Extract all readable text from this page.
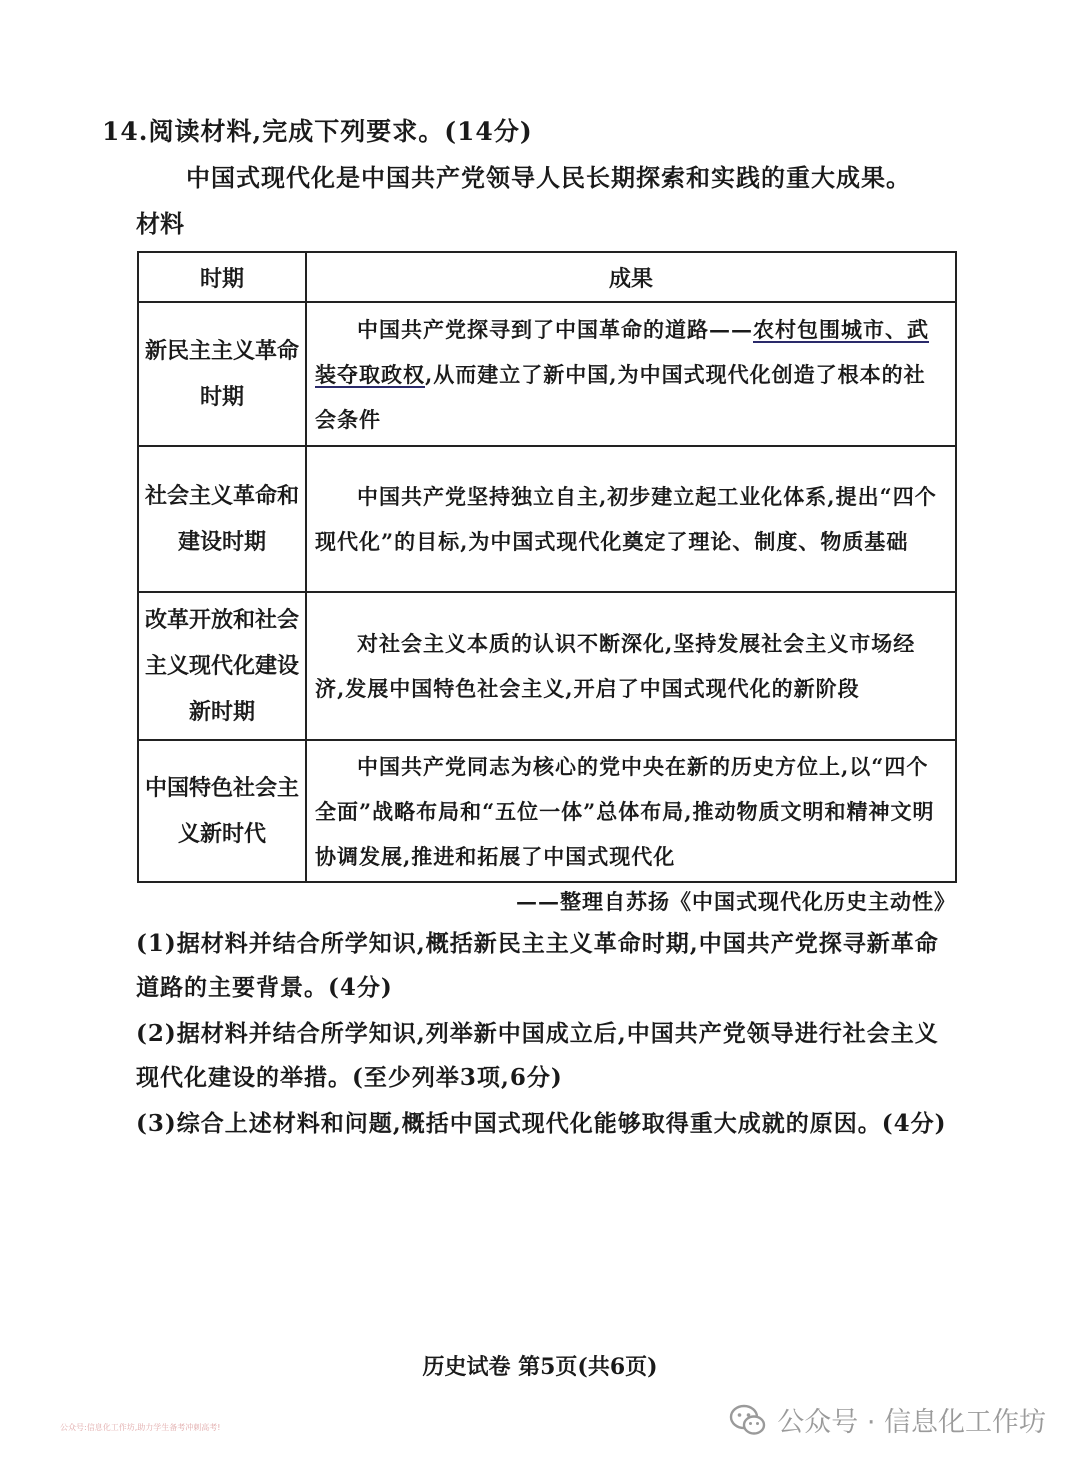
14.阅读材料,完成下列要求。(14分)
中国式现代化是中国共产党领导人民长期探索和实践的重大成果。
材料
时期	成果
新民主主义革命时期	中国共产党探寻到了中国革命的道路——农村包围城市、武装夺取政权,从而建立了新中国,为中国式现代化创造了根本的社会条件
社会主义革命和建设时期	中国共产党坚持独立自主,初步建立起工业化体系,提出“四个现代化”的目标,为中国式现代化奠定了理论、制度、物质基础
改革开放和社会主义现代化建设新时期	对社会主义本质的认识不断深化,坚持发展社会主义市场经济,发展中国特色社会主义,开启了中国式现代化的新阶段
中国特色社会主义新时代	中国共产党同志为核心的党中央在新的历史方位上,以“四个全面”战略布局和“五位一体”总体布局,推动物质文明和精神文明协调发展,推进和拓展了中国式现代化
——整理自苏扬《中国式现代化历史主动性》
(1)据材料并结合所学知识,概括新民主主义革命时期,中国共产党探寻新革命道路的主要背景。(4分)
(2)据材料并结合所学知识,列举新中国成立后,中国共产党领导进行社会主义现代化建设的举措。(至少列举3项,6分)
(3)综合上述材料和问题,概括中国式现代化能够取得重大成就的原因。(4分)
历史试卷 第5页(共6页)
公众号:信息化工作坊,助力学生备考冲刺高考!	公众号 · 信息化工作坊
